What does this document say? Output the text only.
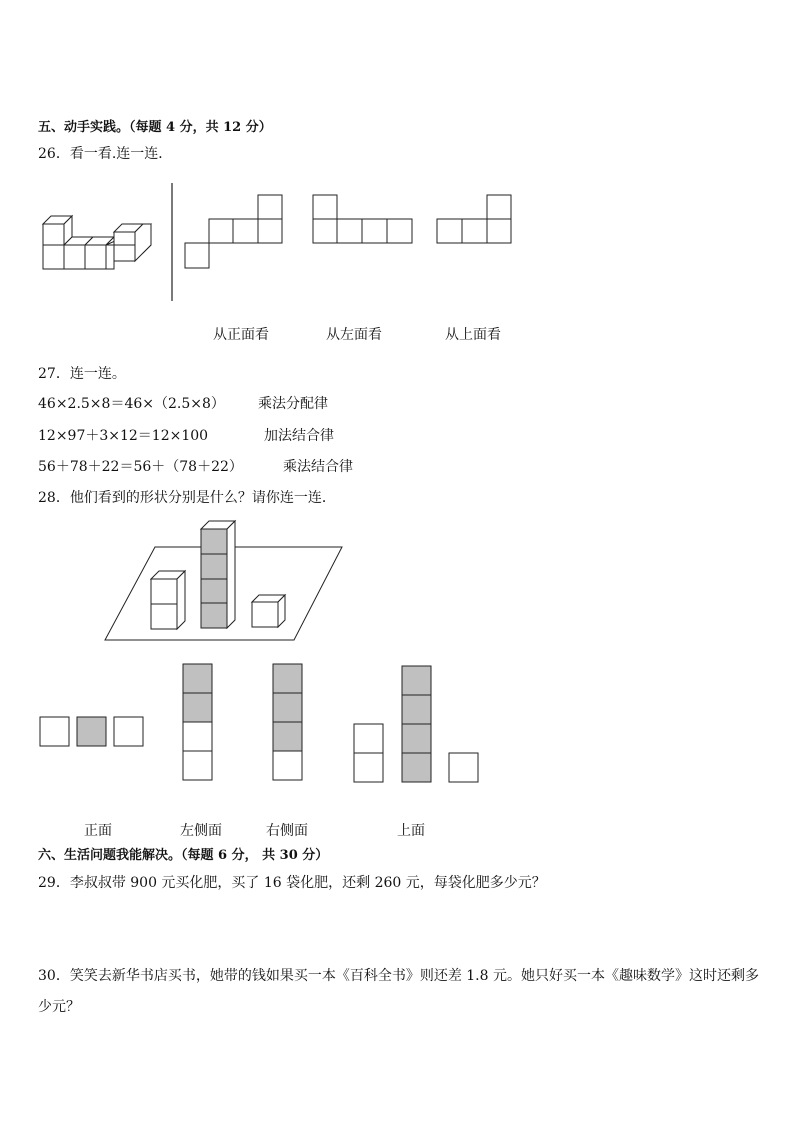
五、动手实践。（每题 4 分，共 12 分）
26．看一看.连一连．
从正面看	从左面看	从上面看
27．连一连。
46×2.5×8＝46×（2.5×8） 乘法分配律
12×97＋3×12＝12×100	加法结合律
56＋78＋22＝56＋（78＋22）	乘法结合律
28．他们看到的形状分别是什么？请你连一连．
正面	左侧面	右侧面	上面
六、生活问题我能解决。（每题 6 分， 共 30 分）
29．李叔叔带 900 元买化肥，买了 16 袋化肥，还剩 260 元，每袋化肥多少元？
30．笑笑去新华书店买书，她带的钱如果买一本《百科全书》则还差 1.8 元。她只好买一本《趣味数学》这时还剩多
少元？
